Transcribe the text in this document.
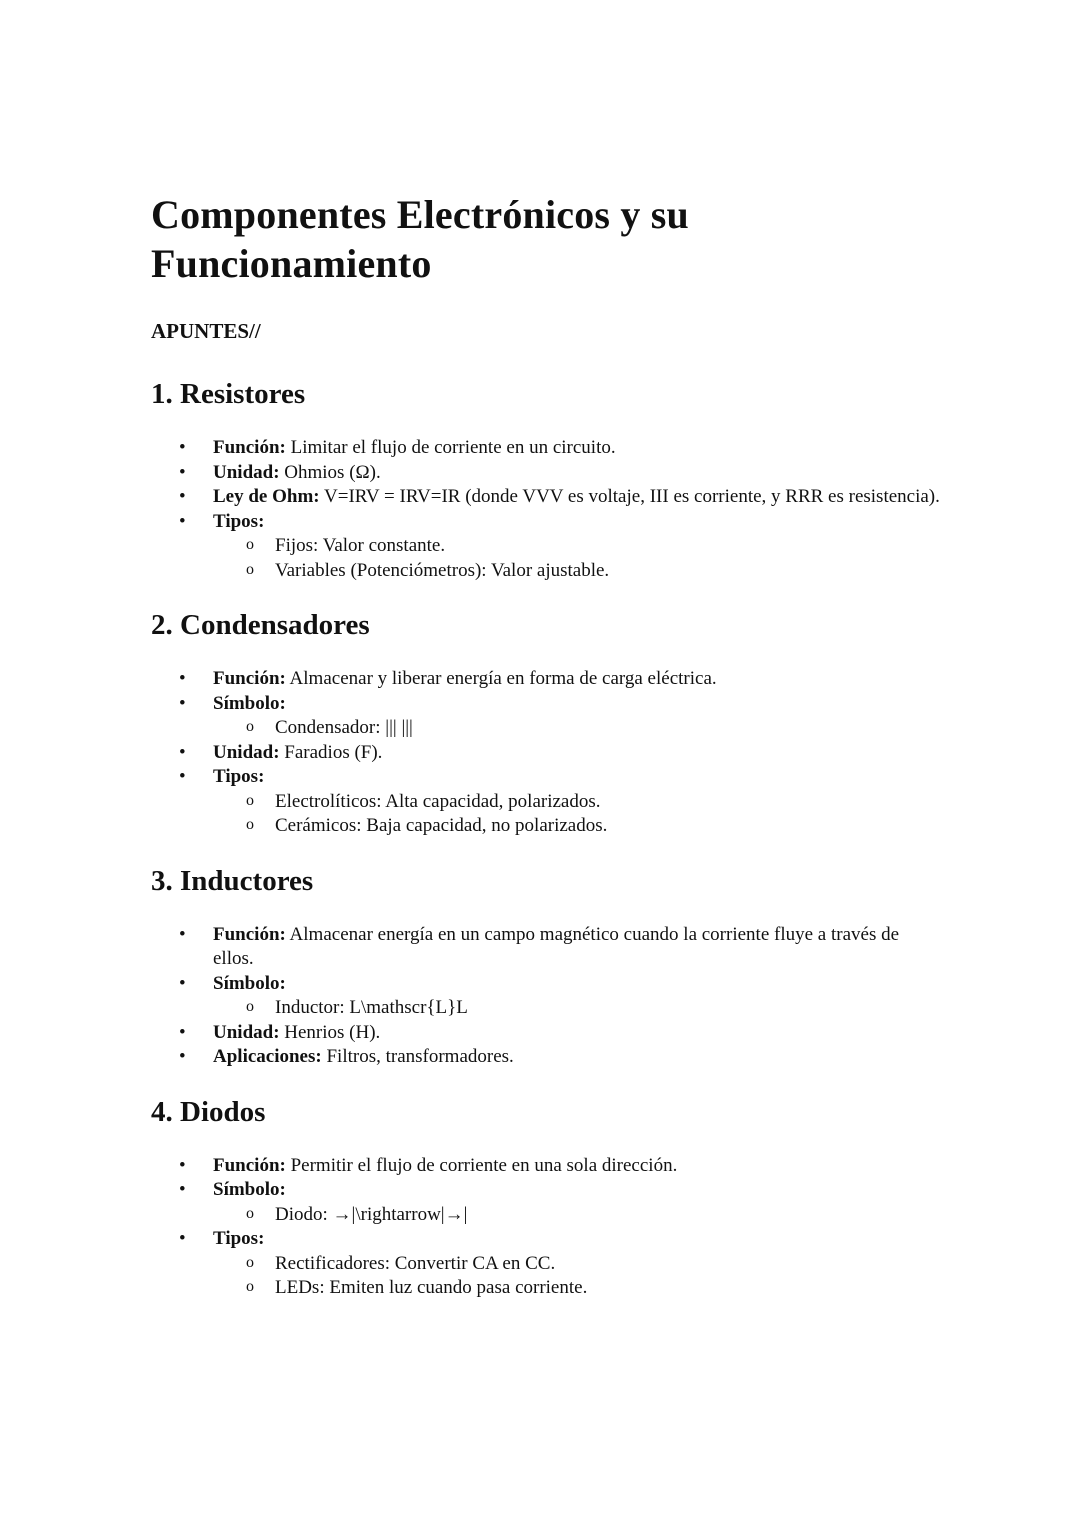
Componentes Electrónicos y su Funcionamiento
APUNTES//
1. Resistores
• Función: Limitar el flujo de corriente en un circuito.
• Unidad: Ohmios (Ω).
• Ley de Ohm: V=IRV = IRV=IR (donde VVV es voltaje, III es corriente, y RRR es resistencia).
• Tipos:
o Fijos: Valor constante.
o Variables (Potenciómetros): Valor ajustable.
2. Condensadores
• Función: Almacenar y liberar energía en forma de carga eléctrica.
• Símbolo:
o Condensador: ||| |||
• Unidad: Faradios (F).
• Tipos:
o Electrolíticos: Alta capacidad, polarizados.
o Cerámicos: Baja capacidad, no polarizados.
3. Inductores
• Función: Almacenar energía en un campo magnético cuando la corriente fluye a través de ellos.
• Símbolo:
o Inductor: L\mathscr{L}L
• Unidad: Henrios (H).
• Aplicaciones: Filtros, transformadores.
4. Diodos
• Función: Permitir el flujo de corriente en una sola dirección.
• Símbolo:
o Diodo: →|\rightarrow|→|
• Tipos:
o Rectificadores: Convertir CA en CC.
o LEDs: Emiten luz cuando pasa corriente.
